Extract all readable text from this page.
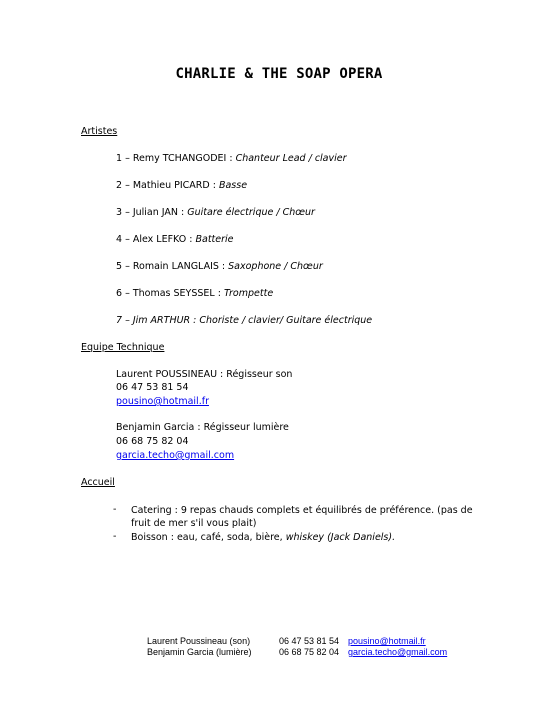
CHARLIE & THE SOAP OPERA
Artistes
1 – Remy TCHANGODEI : Chanteur Lead / clavier
2 – Mathieu PICARD : Basse
3 – Julian JAN : Guitare électrique / Chœur
4 – Alex LEFKO : Batterie
5 – Romain LANGLAIS : Saxophone / Chœur
6 – Thomas SEYSSEL : Trompette
7 – Jim ARTHUR : Choriste / clavier/ Guitare électrique
Equipe Technique
Laurent POUSSINEAU : Régisseur son
06 47 53 81 54
pousino@hotmail.fr
Benjamin Garcia : Régisseur lumière
06 68 75 82 04
garcia.techo@gmail.com
Accueil
- Catering : 9 repas chauds complets et équilibrés de préférence. (pas de fruit de mer s'il vous plait)
- Boisson : eau, café, soda, bière, whiskey (Jack Daniels).
Laurent Poussineau (son)	06 47 53 81 54 pousino@hotmail.fr
Benjamin Garcia (lumière)	06 68 75 82 04 garcia.techo@gmail.com
